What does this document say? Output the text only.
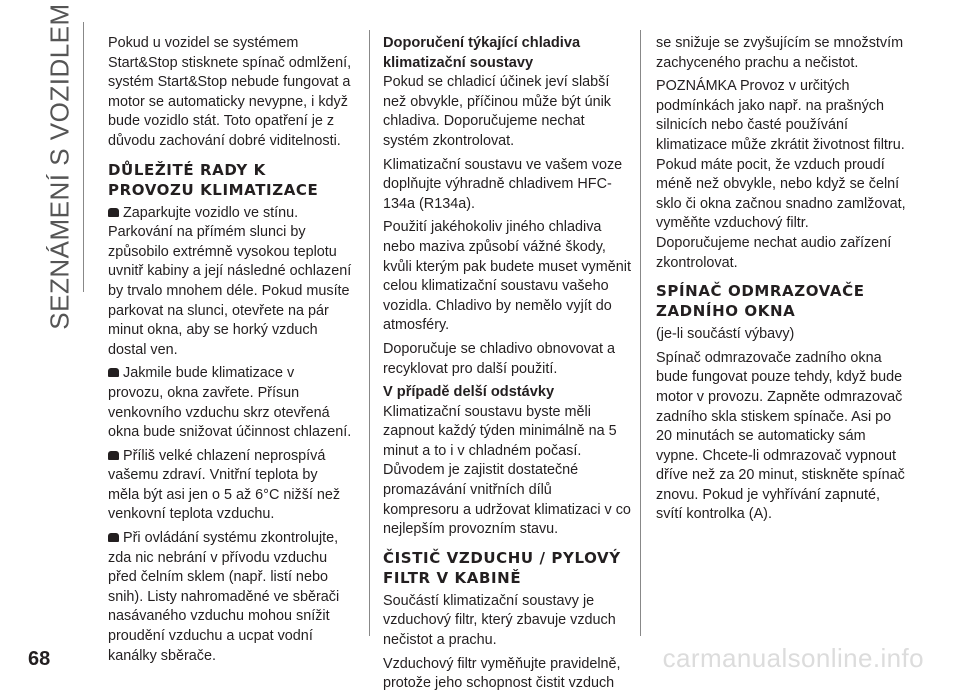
SEZNÁMENÍ S VOZIDLEM Pokud u vozidel se systémem Start&Stop stisknete spínač odmlžení, systém Start&Stop nebude fungovat a motor se automaticky nevypne, i když bude vozidlo stát. Toto opatření je z důvodu zachování dobré viditelnosti.

DŮLEŽITÉ RADY K PROVOZU KLIMATIZACE

Zaparkujte vozidlo ve stínu. Parkování na přímém slunci by způsobilo extrémně vysokou teplotu uvnitř kabiny a její následné ochlazení by trvalo mnohem déle. Pokud musíte parkovat na slunci, otevřete na pár minut okna, aby se horký vzduch dostal ven.

Jakmile bude klimatizace v provozu, okna zavřete. Přísun venkovního vzduchu skrz otevřená okna bude snižovat účinnost chlazení.

Příliš velké chlazení neprospívá vašemu zdraví. Vnitřní teplota by měla být asi jen o 5 až 6°C nižší než venkovní teplota vzduchu.

Při ovládání systému zkontrolujte, zda nic nebrání v přívodu vzduchu před čelním sklem (např. listí nebo snih). Listy nahromaděné ve sběrači nasávaného vzduchu mohou snížit proudění vzduchu a ucpat vodní kanálky sběrače.

Doporučení týkající chladiva klimatizační soustavy

Pokud se chladicí účinek jeví slabší než obvykle, příčinou může být únik chladiva. Doporučujeme nechat systém zkontrolovat.

Klimatizační soustavu ve vašem voze doplňujte výhradně chladivem HFC-134a (R134a).

Použití jakéhokoliv jiného chladiva nebo maziva způsobí vážné škody, kvůli kterým pak budete muset vyměnit celou klimatizační soustavu vašeho vozidla. Chladivo by nemělo vyjít do atmosféry.

Doporučuje se chladivo obnovovat a recyklovat pro další použití.

V případě delší odstávky

Klimatizační soustavu byste měli zapnout každý týden minimálně na 5 minut a to i v chladném počasí. Důvodem je zajistit dostatečné promazávání vnitřních dílů kompresoru a udržovat klimatizaci v co nejlepším provozním stavu.

ČISTIČ VZDUCHU / PYLOVÝ FILTR V KABINĚ

Součástí klimatizační soustavy je vzduchový filtr, který zbavuje vzduch nečistot a prachu.

Vzduchový filtr vyměňujte pravidelně, protože jeho schopnost čistit vzduch

se snižuje se zvyšujícím se množstvím zachyceného prachu a nečistot.

POZNÁMKA Provoz v určitých podmínkách jako např. na prašných silnicích nebo časté používání klimatizace může zkrátit životnost filtru. Pokud máte pocit, že vzduch proudí méně než obvykle, nebo když se čelní sklo či okna začnou snadno zamlžovat, vyměňte vzduchový filtr. Doporučujeme nechat audio zařízení zkontrolovat.

SPÍNAČ ODMRAZOVAČE ZADNÍHO OKNA

(je-li součástí výbavy)

Spínač odmrazovače zadního okna bude fungovat pouze tehdy, když bude motor v provozu. Zapněte odmrazovač zadního skla stiskem spínače. Asi po 20 minutách se automaticky sám vypne. Chcete-li odmrazovač vypnout dříve než za 20 minut, stiskněte spínač znovu. Pokud je vyhřívání zapnuté, svítí kontrolka (A).

68	carmanualsonline.info
